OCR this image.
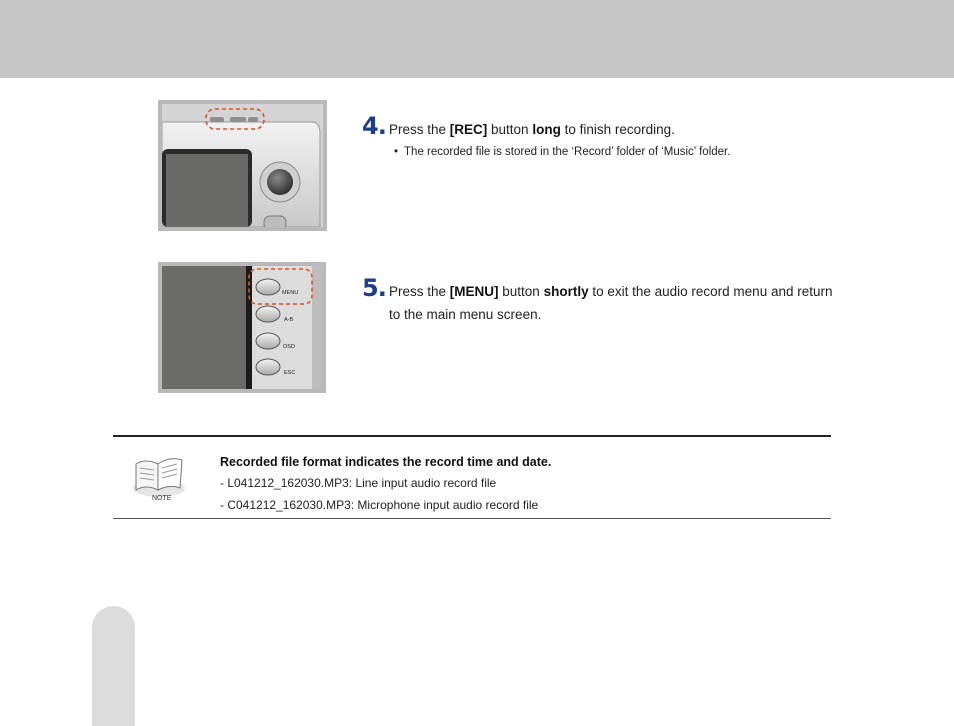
4. Press the [REC] button long to finish recording.
• The recorded file is stored in the ‘Record’ folder of ‘Music’ folder.
MENU
A-B
OSD
ESC
5. Press the [MENU] button shortly to exit the audio record menu and return to the main menu screen.
NOTE
Recorded file format indicates the record time and date.
- L041212_162030.MP3: Line input audio record file
- C041212_162030.MP3: Microphone input audio record file
